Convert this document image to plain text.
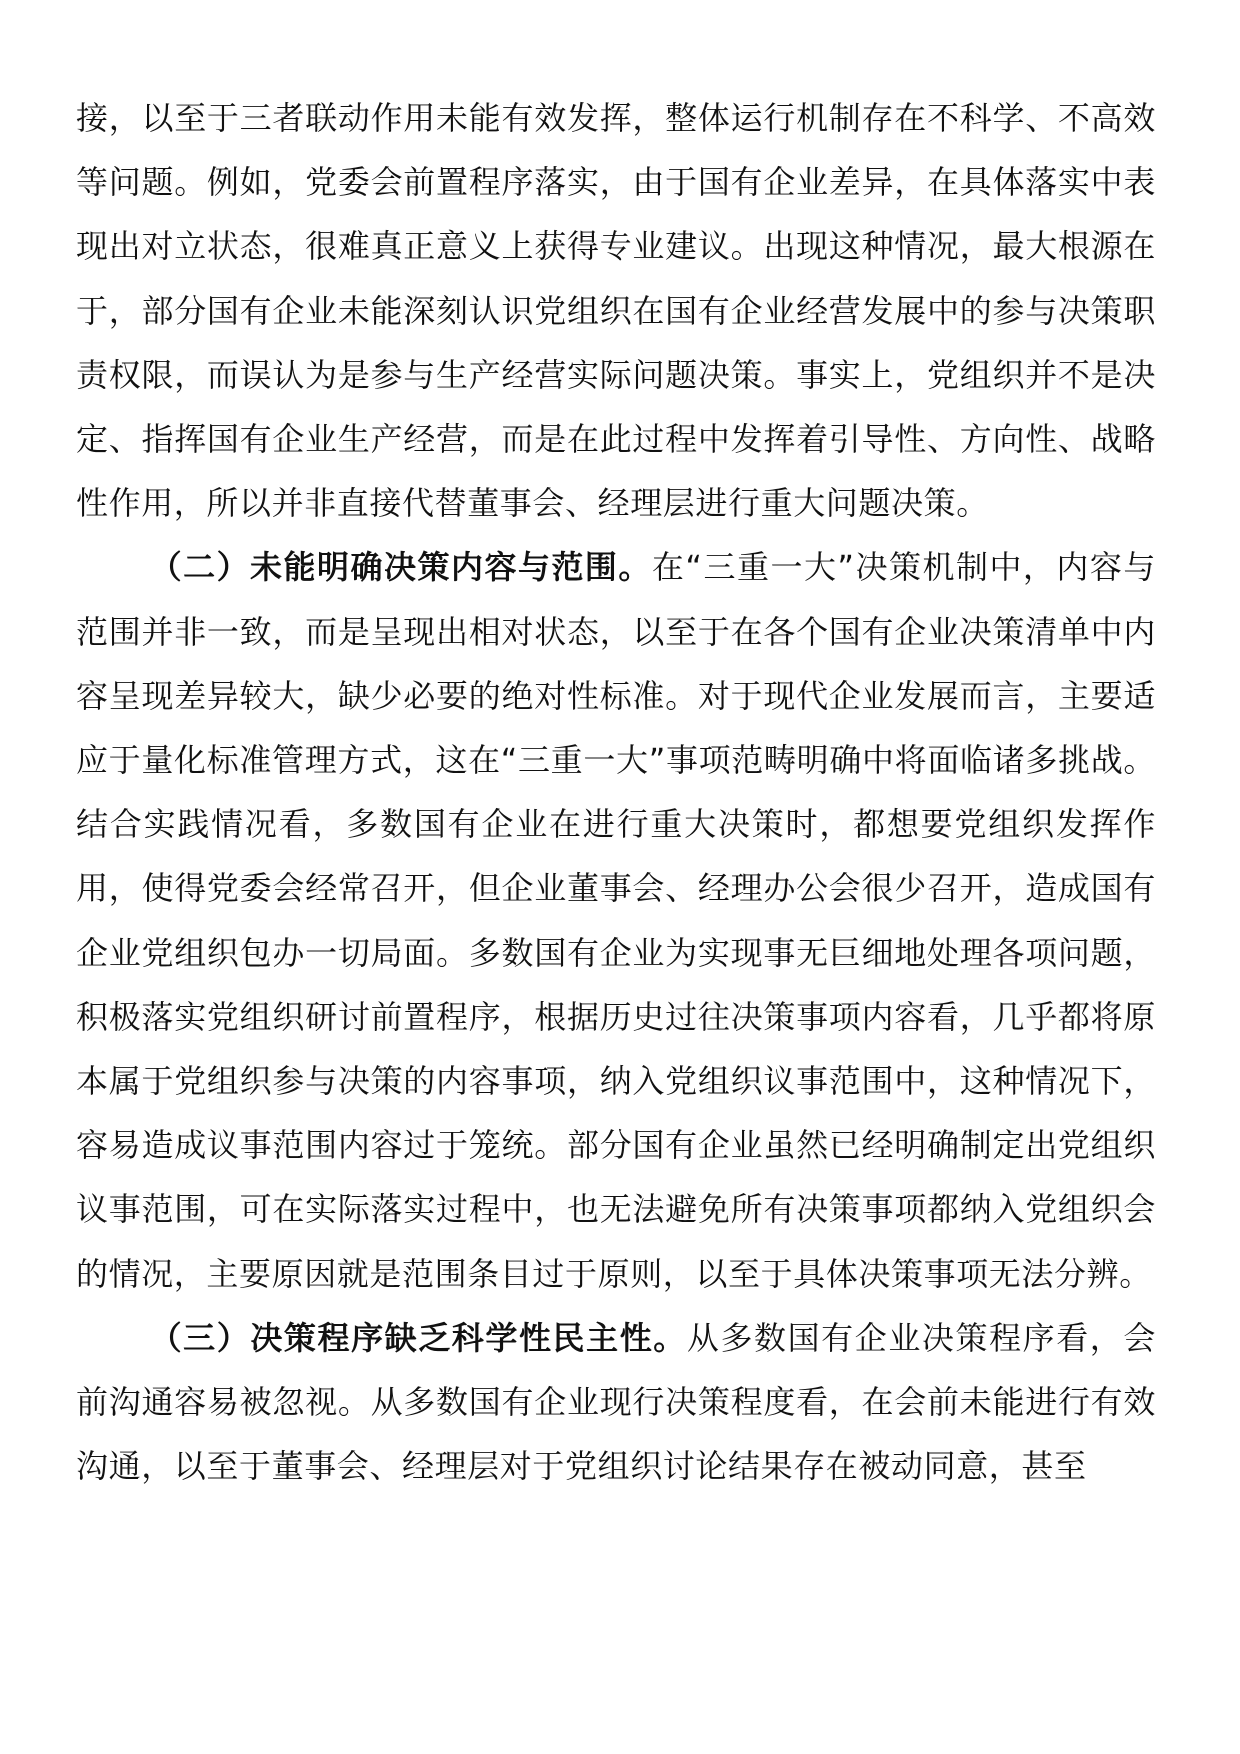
接，以至于三者联动作用未能有效发挥，整体运行机制存在不科学、不高效等问题。例如，党委会前置程序落实，由于国有企业差异，在具体落实中表现出对立状态，很难真正意义上获得专业建议。出现这种情况，最大根源在于，部分国有企业未能深刻认识党组织在国有企业经营发展中的参与决策职责权限，而误认为是参与生产经营实际问题决策。事实上，党组织并不是决定、指挥国有企业生产经营，而是在此过程中发挥着引导性、方向性、战略性作用，所以并非直接代替董事会、经理层进行重大问题决策。

（二）未能明确决策内容与范围。在“三重一大”决策机制中，内容与范围并非一致，而是呈现出相对状态，以至于在各个国有企业决策清单中内容呈现差异较大，缺少必要的绝对性标准。对于现代企业发展而言，主要适应于量化标准管理方式，这在“三重一大”事项范畴明确中将面临诸多挑战。结合实践情况看，多数国有企业在进行重大决策时，都想要党组织发挥作用，使得党委会经常召开，但企业董事会、经理办公会很少召开，造成国有企业党组织包办一切局面。多数国有企业为实现事无巨细地处理各项问题，积极落实党组织研讨前置程序，根据历史过往决策事项内容看，几乎都将原本属于党组织参与决策的内容事项，纳入党组织议事范围中，这种情况下，容易造成议事范围内容过于笼统。部分国有企业虽然已经明确制定出党组织议事范围，可在实际落实过程中，也无法避免所有决策事项都纳入党组织会的情况，主要原因就是范围条目过于原则，以至于具体决策事项无法分辨。

（三）决策程序缺乏科学性民主性。从多数国有企业决策程序看，会前沟通容易被忽视。从多数国有企业现行决策程度看，在会前未能进行有效沟通，以至于董事会、经理层对于党组织讨论结果存在被动同意，甚至
